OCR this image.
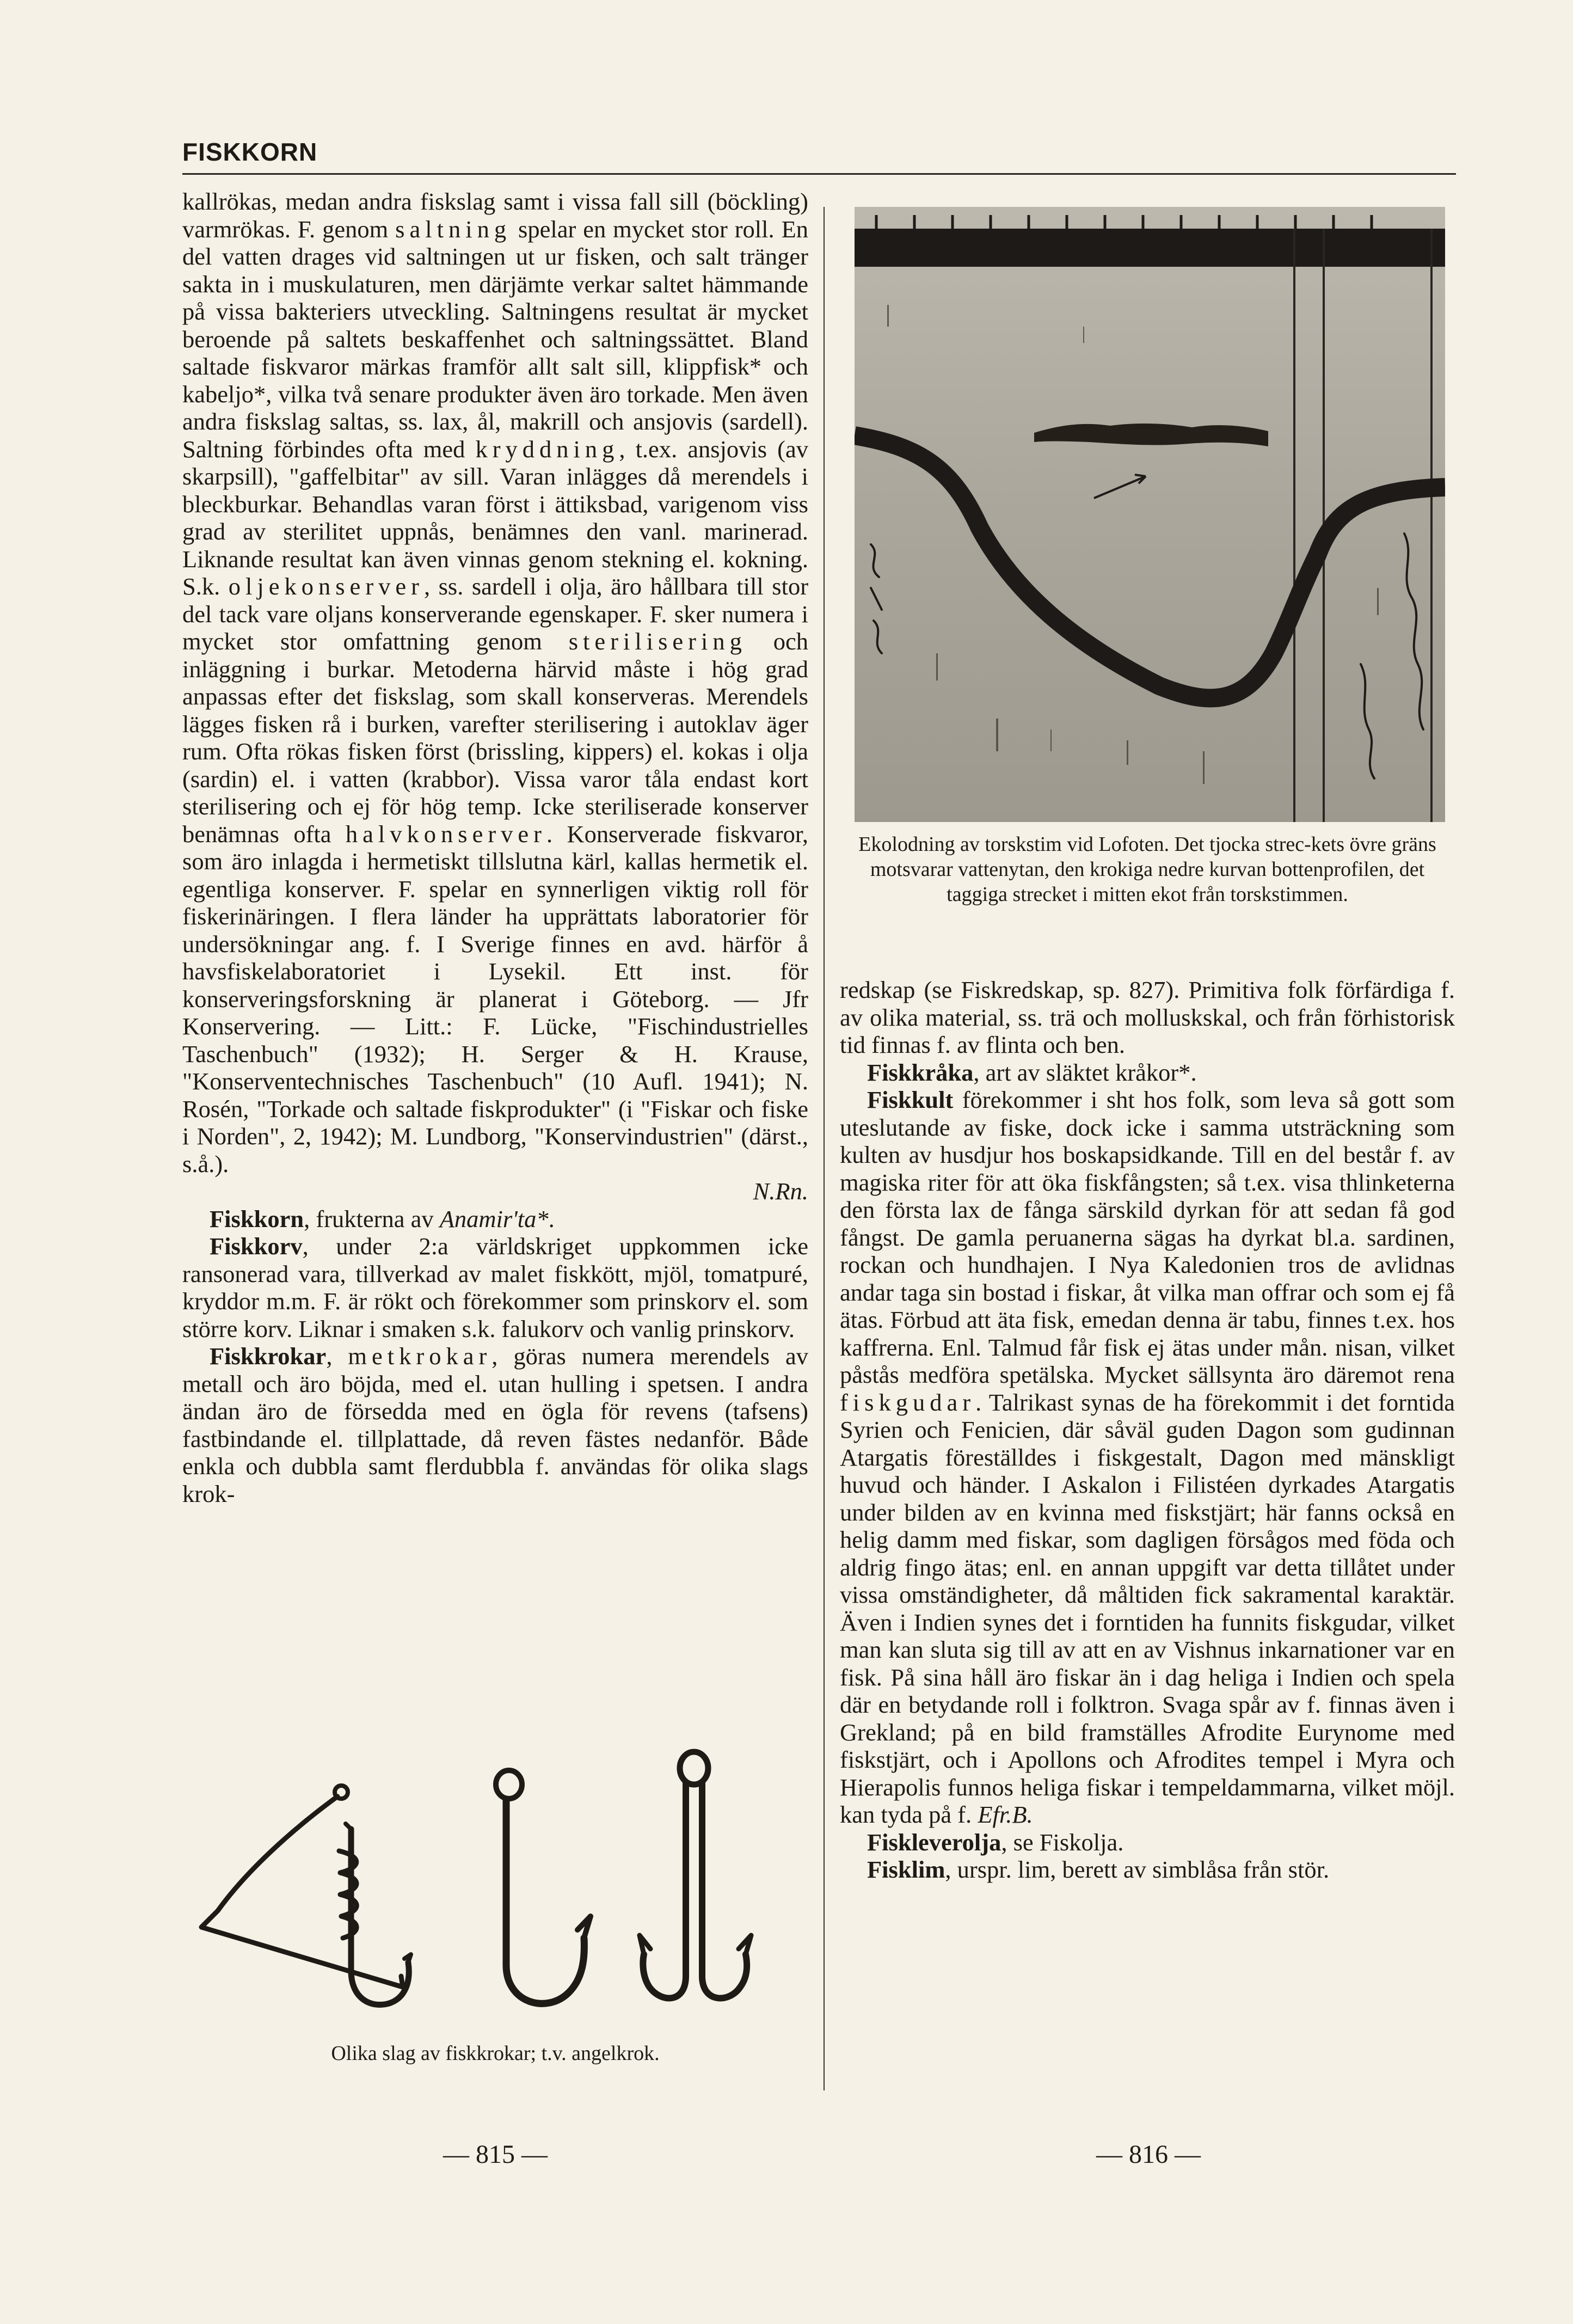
FISKKORN

kallrökas, medan andra fiskslag samt i vissa fall sill (böckling) varmrökas. F. genom saltning spelar en mycket stor roll. En del vatten drages vid saltningen ut ur fisken, och salt tränger sakta in i muskulaturen, men därjämte verkar saltet hämmande på vissa bakteriers utveckling. Saltningens resultat är mycket beroende på saltets beskaffenhet och saltningssättet. Bland saltade fiskvaror märkas framför allt salt sill, klippfisk* och kabeljo*, vilka två senare produkter även äro torkade. Men även andra fiskslag saltas, ss. lax, ål, makrill och ansjovis (sardell). Saltning förbindes ofta med kryddning, t.ex. ansjovis (av skarpsill), "gaffelbitar" av sill. Varan inlägges då merendels i bleckburkar. Behandlas varan först i ättiksbad, varigenom viss grad av sterilitet uppnås, benämnes den vanl. marinerad. Liknande resultat kan även vinnas genom stekning el. kokning. S.k. oljekonserver, ss. sardell i olja, äro hållbara till stor del tack vare oljans konserverande egenskaper. F. sker numera i mycket stor omfattning genom sterilisering och inläggning i burkar. Metoderna härvid måste i hög grad anpassas efter det fiskslag, som skall konserveras. Merendels lägges fisken rå i burken, varefter sterilisering i autoklav äger rum. Ofta rökas fisken först (brissling, kippers) el. kokas i olja (sardin) el. i vatten (krabbor). Vissa varor tåla endast kort sterilisering och ej för hög temp. Icke steriliserade konserver benämnas ofta halvkonserver. Konserverade fiskvaror, som äro inlagda i hermetiskt tillslutna kärl, kallas hermetik el. egentliga konserver. F. spelar en synnerligen viktig roll för fiskerinäringen. I flera länder ha upprättats laboratorier för undersökningar ang. f. I Sverige finnes en avd. härför å havsfiskelaboratoriet i Lysekil. Ett inst. för konserveringsforskning är planerat i Göteborg. — Jfr Konservering. — Litt.: F. Lücke, "Fischindustrielles Taschenbuch" (1932); H. Serger & H. Krause, "Konserventechnisches Taschenbuch" (10 Aufl. 1941); N. Rosén, "Torkade och saltade fiskprodukter" (i "Fiskar och fiske i Norden", 2, 1942); M. Lundborg, "Konservindustrien" (därst., s.å.).
N.Rn.

Fiskkorn, frukterna av Anamir'ta*.

Fiskkorv, under 2:a världskriget uppkommen icke ransonerad vara, tillverkad av malet fiskkött, mjöl, tomatpuré, kryddor m.m. F. är rökt och förekommer som prinskorv el. som större korv. Liknar i smaken s.k. falukorv och vanlig prinskorv.

Fiskkrokar, metkrokar, göras numera merendels av metall och äro böjda, med el. utan hulling i spetsen. I andra ändan äro de försedda med en ögla för revens (tafsens) fastbindande el. tillplattade, då reven fästes nedanför. Både enkla och dubbla samt flerdubbla f. användas för olika slags krok-

Olika slag av fiskkrokar; t.v. angelkrok.
Ekolodning av torskstim vid Lofoten. Det tjocka strec-kets övre gräns motsvarar vattenytan, den krokiga nedre kurvan bottenprofilen, det taggiga strecket i mitten ekot från torskstimmen.

redskap (se Fiskredskap, sp. 827). Primitiva folk förfärdiga f. av olika material, ss. trä och molluskskal, och från förhistorisk tid finnas f. av flinta och ben.

Fiskkråka, art av släktet kråkor*.

Fiskkult förekommer i sht hos folk, som leva så gott som uteslutande av fiske, dock icke i samma utsträckning som kulten av husdjur hos boskapsidkande. Till en del består f. av magiska riter för att öka fiskfångsten; så t.ex. visa thlinketerna den första lax de fånga särskild dyrkan för att sedan få god fångst. De gamla peruanerna sägas ha dyrkat bl.a. sardinen, rockan och hundhajen. I Nya Kaledonien tros de avlidnas andar taga sin bostad i fiskar, åt vilka man offrar och som ej få ätas. Förbud att äta fisk, emedan denna är tabu, finnes t.ex. hos kaffrerna. Enl. Talmud får fisk ej ätas under mån. nisan, vilket påstås medföra spetälska. Mycket sällsynta äro däremot rena fiskgudar. Talrikast synas de ha förekommit i det forntida Syrien och Fenicien, där såväl guden Dagon som gudinnan Atargatis föreställdes i fiskgestalt, Dagon med mänskligt huvud och händer. I Askalon i Filistéen dyrkades Atargatis under bilden av en kvinna med fiskstjärt; här fanns också en helig damm med fiskar, som dagligen försågos med föda och aldrig fingo ätas; enl. en annan uppgift var detta tillåtet under vissa omständigheter, då måltiden fick sakramental karaktär. Även i Indien synes det i forntiden ha funnits fiskgudar, vilket man kan sluta sig till av att en av Vishnus inkarnationer var en fisk. På sina håll äro fiskar än i dag heliga i Indien och spela där en betydande roll i folktron. Svaga spår av f. finnas även i Grekland; på en bild framställes Afrodite Eurynome med fiskstjärt, och i Apollons och Afrodites tempel i Myra och Hierapolis funnos heliga fiskar i tempeldammarna, vilket möjl. kan tyda på f. Efr.B.

Fiskleverolja, se Fiskolja.

Fisklim, urspr. lim, berett av simblåsa från stör.

— 815 —	— 816 —
